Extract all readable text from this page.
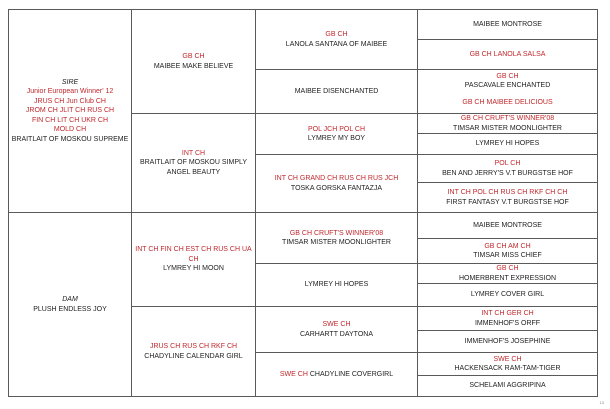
SIRE
Junior European Winner' 12
JRUS CH Jun Club CH
JROM CH JLIT CH RUS CH
FIN CH LIT CH UKR CH
MOLD CH
BRAITLAIT OF MOSKOU SUPREME
DAM
PLUSH ENDLESS JOY
GB CH
MAIBEE MAKE BELIEVE
INT CH
BRAITLAIT OF MOSKOU SIMPLY ANGEL BEAUTY
INT CH FIN CH EST CH RUS CH UA CH
LYMREY HI MOON
JRUS CH RUS CH RKF CH
CHADYLINE CALENDAR GIRL
GB CH
LANOLA SANTANA OF MAIBEE
MAIBEE DISENCHANTED
POL JCH POL CH
LYMREY MY BOY
INT CH GRAND CH RUS CH RUS JCH
TOSKA GORSKA FANTAZJA
GB CH CRUFT'S WINNER'08
TIMSAR MISTER MOONLIGHTER
LYMREY HI HOPES
SWE CH
CARHARTT DAYTONA
SWE CH
CHADYLINE COVERGIRL
MAIBEE MONTROSE
GB CH LANOLA SALSA
GB CH
PASCAVALE ENCHANTED
GB CH MAIBEE DELICIOUS
GB CH CRUFT'S WINNER'08
TIMSAR MISTER MOONLIGHTER
LYMREY HI HOPES
POL CH
BEN AND JERRY'S V.T BURGSTSE HOF
INT CH POL CH RUS CH RKF CH CH
FIRST FANTASY V.T BURGSTSE HOF
MAIBEE MONTROSE
GB CH AM CH
TIMSAR MISS CHIEF
GB CH
HOMERBRENT EXPRESSION
LYMREY COVER GIRL
INT CH GER CH
IMMENHOF'S ORFF
IMMENHOF'S JOSEPHINE
SWE CH
HACKENSACK RAM-TAM-TIGER
SCHELAMI AGGRIPINA
13
